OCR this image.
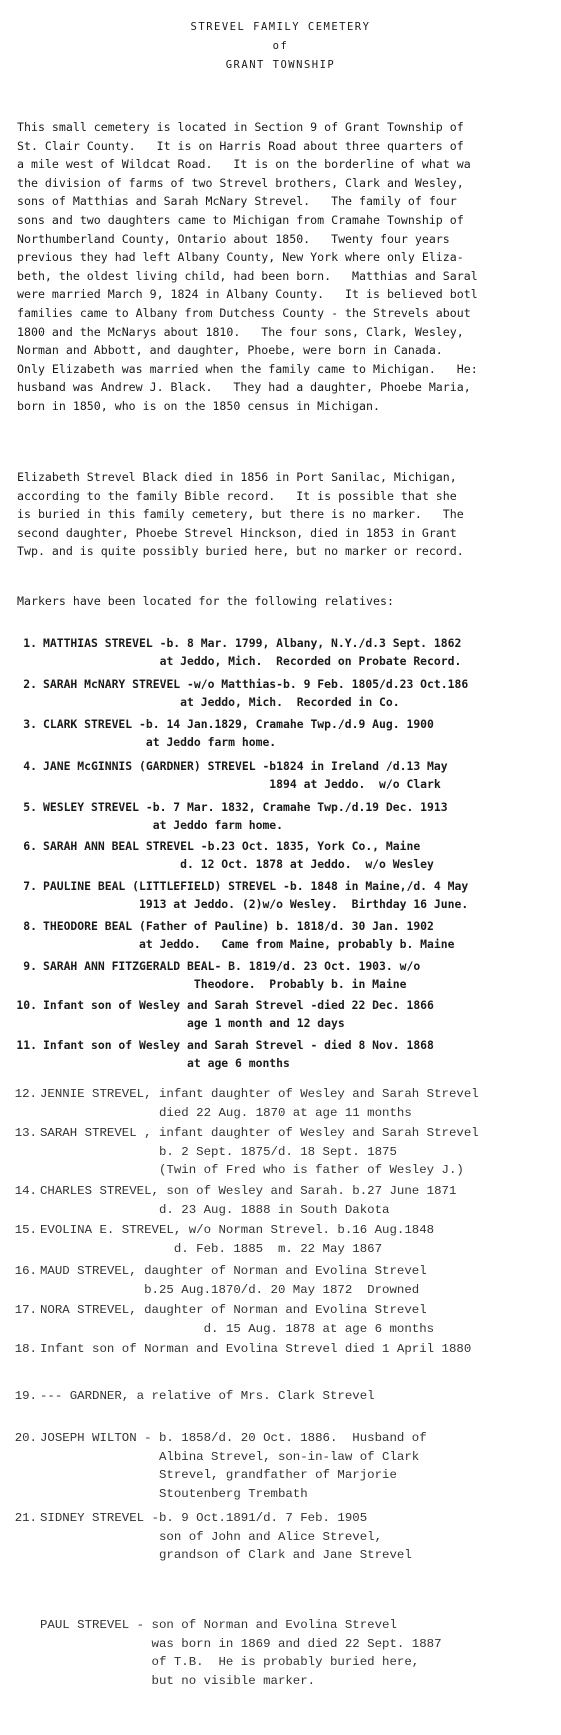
STREVEL FAMILY CEMETERY

of

GRANT TOWNSHIP

This small cemetery is located in Section 9 of Grant Township of
St. Clair County.   It is on Harris Road about three quarters of
a mile west of Wildcat Road.   It is on the borderline of what wa
the division of farms of two Strevel brothers, Clark and Wesley,
sons of Matthias and Sarah McNary Strevel.   The family of four
sons and two daughters came to Michigan from Cramahe Township of
Northumberland County, Ontario about 1850.   Twenty four years
previous they had left Albany County, New York where only Eliza-
beth, the oldest living child, had been born.   Matthias and Saral
were married March 9, 1824 in Albany County.   It is believed botl
families came to Albany from Dutchess County - the Strevels about
1800 and the McNarys about 1810.   The four sons, Clark, Wesley,
Norman and Abbott, and daughter, Phoebe, were born in Canada.
Only Elizabeth was married when the family came to Michigan.   He:
husband was Andrew J. Black.   They had a daughter, Phoebe Maria,
born in 1850, who is on the 1850 census in Michigan.
Elizabeth Strevel Black died in 1856 in Port Sanilac, Michigan,
according to the family Bible record.   It is possible that she
is buried in this family cemetery, but there is no marker.   The
second daughter, Phoebe Strevel Hinckson, died in 1853 in Grant
Twp. and is quite possibly buried here, but no marker or record.
Markers have been located for the following relatives:
1. MATTHIAS STREVEL -b. 8 Mar. 1799, Albany, N.Y./d.3 Sept. 1862
at Jeddo, Mich.  Recorded on Probate Record.
2. SARAH McNARY STREVEL -w/o Matthias-b. 9 Feb. 1805/d.23 Oct.186
at Jeddo, Mich.  Recorded in Co.
3. CLARK STREVEL -b. 14 Jan.1829, Cramahe Twp./d.9 Aug. 1900
at Jeddo farm home.
4. JANE McGINNIS (GARDNER) STREVEL -b1824 in Ireland /d.13 May
1894 at Jeddo.  w/o Clark
5. WESLEY STREVEL -b. 7 Mar. 1832, Cramahe Twp./d.19 Dec. 1913
at Jeddo farm home.
6. SARAH ANN BEAL STREVEL -b.23 Oct. 1835, York Co., Maine
d. 12 Oct. 1878 at Jeddo.  w/o Wesley
7. PAULINE BEAL (LITTLEFIELD) STREVEL -b. 1848 in Maine,/d. 4 May
1913 at Jeddo. (2)w/o Wesley.  Birthday 16 June.
8. THEODORE BEAL (Father of Pauline) b. 1818/d. 30 Jan. 1902
at Jeddo.   Came from Maine, probably b. Maine
9. SARAH ANN FITZGERALD BEAL- B. 1819/d. 23 Oct. 1903. w/o
Theodore.  Probably b. in Maine
10. Infant son of Wesley and Sarah Strevel -died 22 Dec. 1866
age 1 month and 12 days
11. Infant son of Wesley and Sarah Strevel - died 8 Nov. 1868
at age 6 months
12. JENNIE STREVEL, infant daughter of Wesley and Sarah Strevel
died 22 Aug. 1870 at age 11 months
13. SARAH STREVEL , infant daughter of Wesley and Sarah Strevel
b. 2 Sept. 1875/d. 18 Sept. 1875
(Twin of Fred who is father of Wesley J.)
14. CHARLES STREVEL, son of Wesley and Sarah. b.27 June 1871
d. 23 Aug. 1888 in South Dakota
15. EVOLINA E. STREVEL, w/o Norman Strevel. b.16 Aug.1848
d. Feb. 1885  m. 22 May 1867
16. MAUD STREVEL, daughter of Norman and Evolina Strevel
b.25 Aug.1870/d. 20 May 1872  Drowned
17. NORA STREVEL, daughter of Norman and Evolina Strevel
d. 15 Aug. 1878 at age 6 months
18. Infant son of Norman and Evolina Strevel died 1 April 1880
19. --- GARDNER, a relative of Mrs. Clark Strevel
20. JOSEPH WILTON - b. 1858/d. 20 Oct. 1886.  Husband of
Albina Strevel, son-in-law of Clark
Strevel, grandfather of Marjorie
Stoutenberg Trembath
21. SIDNEY STREVEL -b. 9 Oct.1891/d. 7 Feb. 1905
son of John and Alice Strevel,
grandson of Clark and Jane Strevel
PAUL STREVEL - son of Norman and Evolina Strevel
was born in 1869 and died 22 Sept. 1887
of T.B.  He is probably buried here,
but no visible marker.
